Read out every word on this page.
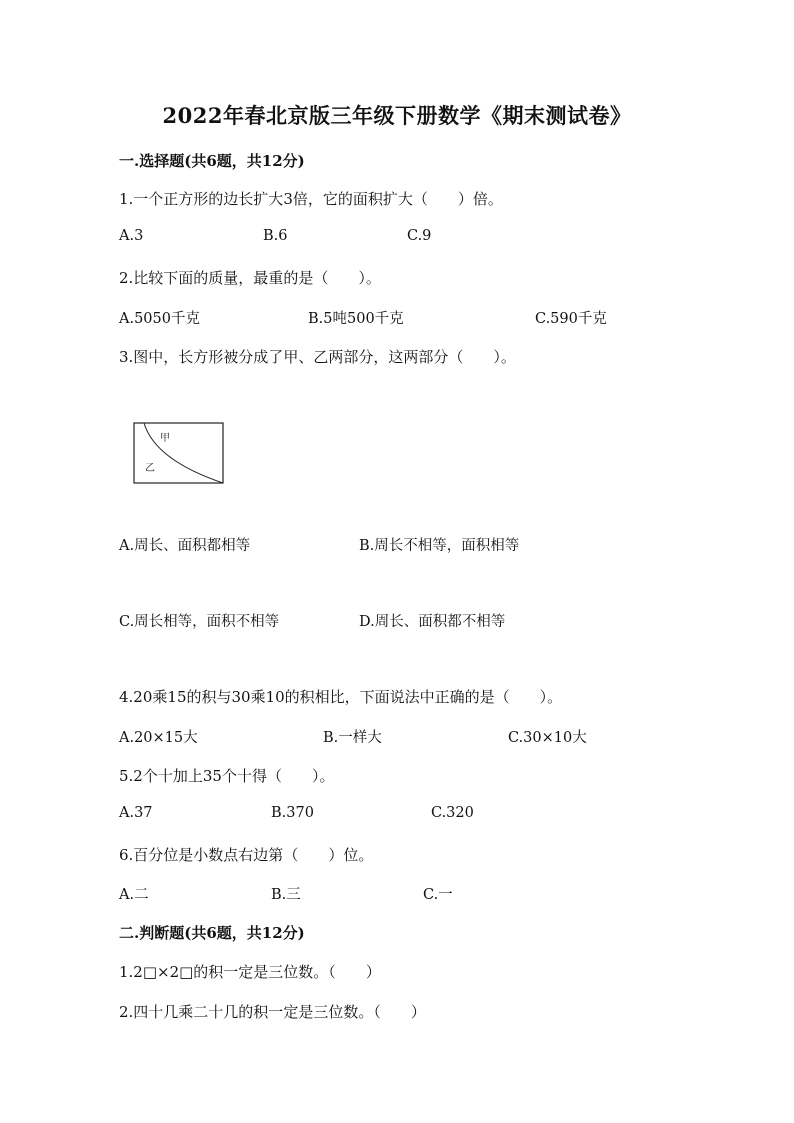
2022年春北京版三年级下册数学《期末测试卷》
一.选择题(共6题，共12分)
1.一个正方形的边长扩大3倍，它的面积扩大（　　）倍。
A.3	B.6	C.9
2.比较下面的质量，最重的是（　　）。
A.5050千克	B.5吨500千克	C.590千克
3.图中，长方形被分成了甲、乙两部分，这两部分（　　）。
甲
乙
A.周长、面积都相等	B.周长不相等，面积相等
C.周长相等，面积不相等	D.周长、面积都不相等
4.20乘15的积与30乘10的积相比，下面说法中正确的是（　　）。
A.20×15大	B.一样大	C.30×10大
5.2个十加上35个十得（　　）。
A.37	B.370	C.320
6.百分位是小数点右边第（　　）位。
A.二	B.三	C.一
二.判断题(共6题，共12分)
1.2□×2□的积一定是三位数。（　　）
2.四十几乘二十几的积一定是三位数。（　　）
